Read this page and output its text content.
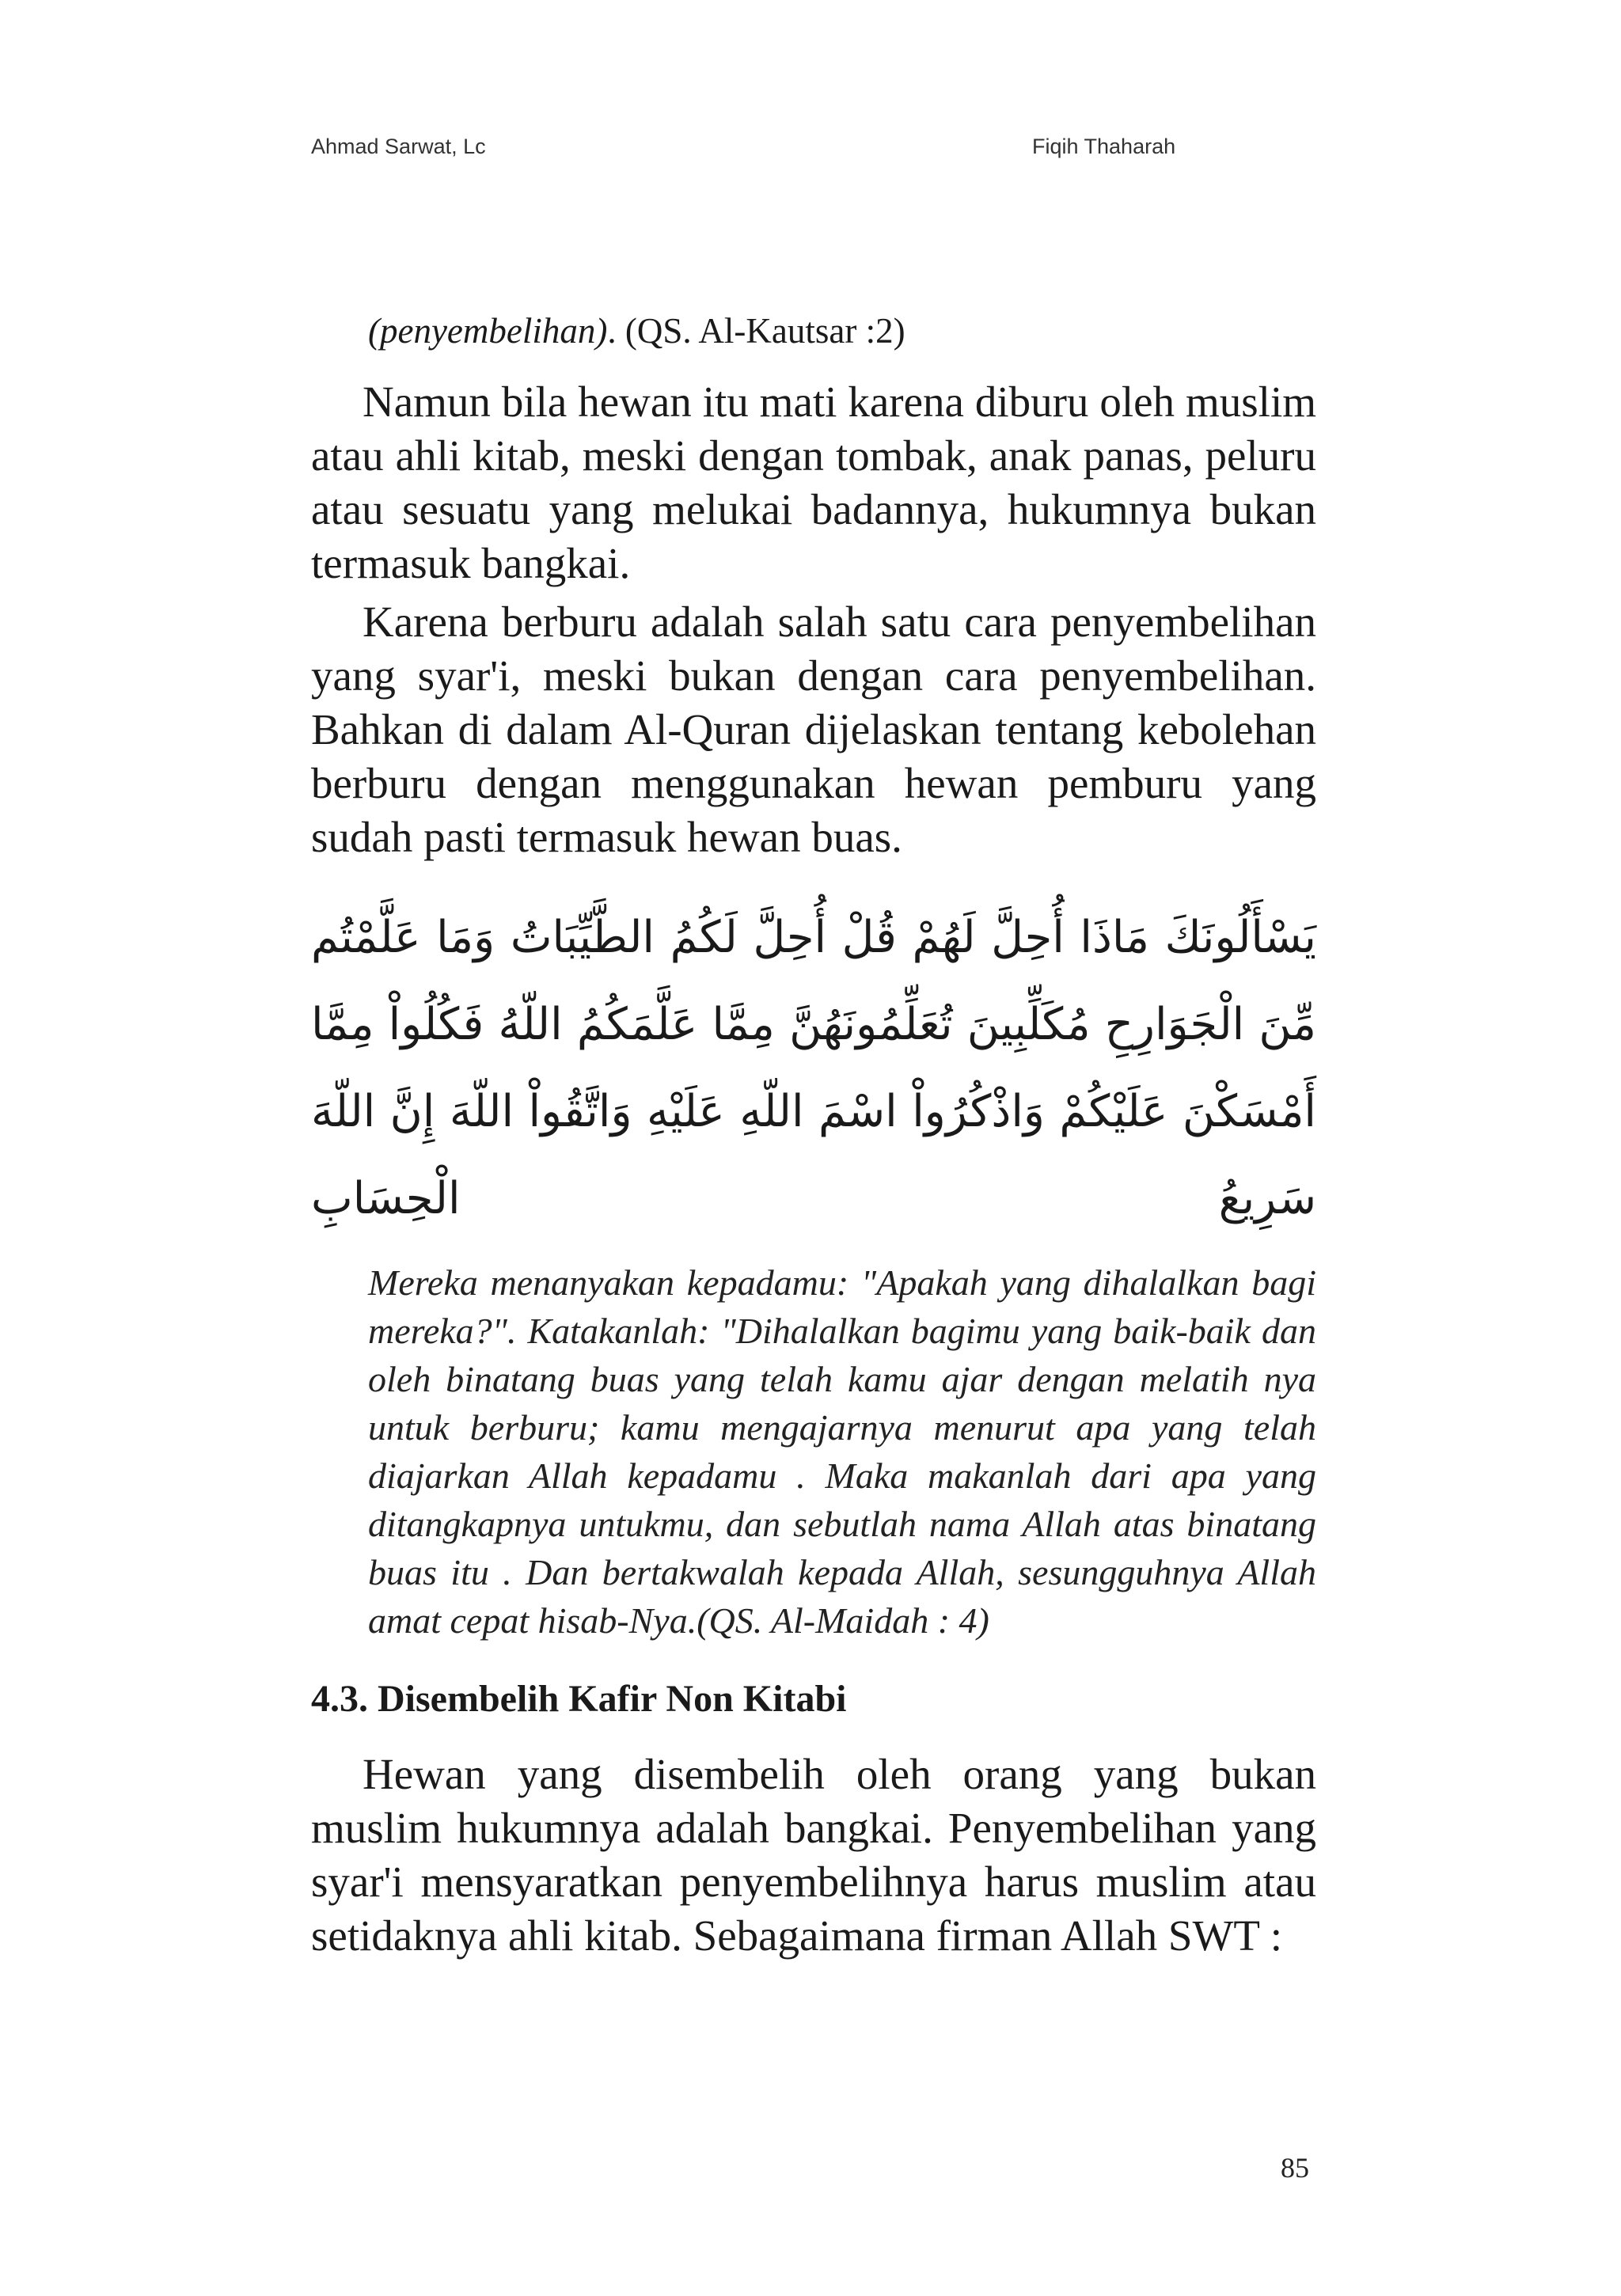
Ahmad Sarwat, Lc	Fiqih Thaharah

(penyembelihan). (QS. Al-Kautsar :2)

Namun bila hewan itu mati karena diburu oleh muslim atau ahli kitab, meski dengan tombak, anak panas, peluru atau sesuatu yang melukai badannya, hukumnya bukan termasuk bangkai.

Karena berburu adalah salah satu cara penyembelihan yang syar'i, meski bukan dengan cara penyembelihan. Bahkan di dalam Al-Quran dijelaskan tentang kebolehan berburu dengan menggunakan hewan pemburu yang sudah pasti termasuk hewan buas.

يَسْأَلُونَكَ مَاذَا أُحِلَّ لَهُمْ قُلْ أُحِلَّ لَكُمُ الطَّيِّبَاتُ وَمَا عَلَّمْتُم مِّنَ الْجَوَارِحِ مُكَلِّبِينَ تُعَلِّمُونَهُنَّ مِمَّا عَلَّمَكُمُ اللّهُ فَكُلُواْ مِمَّا أَمْسَكْنَ عَلَيْكُمْ وَاذْكُرُواْ اسْمَ اللّهِ عَلَيْهِ وَاتَّقُواْ اللّهَ إِنَّ اللّهَ سَرِيعُ الْحِسَابِ

Mereka menanyakan kepadamu: "Apakah yang dihalalkan bagi mereka?". Katakanlah: "Dihalalkan bagimu yang baik-baik dan oleh binatang buas yang telah kamu ajar dengan melatih nya untuk berburu; kamu mengajarnya menurut apa yang telah diajarkan Allah kepadamu . Maka makanlah dari apa yang ditangkapnya untukmu, dan sebutlah nama Allah atas binatang buas itu . Dan bertakwalah kepada Allah, sesungguhnya Allah amat cepat hisab-Nya.(QS. Al-Maidah : 4)

4.3. Disembelih Kafir Non Kitabi

Hewan yang disembelih oleh orang yang bukan muslim hukumnya adalah bangkai. Penyembelihan yang syar'i mensyaratkan penyembelihnya harus muslim atau setidaknya ahli kitab. Sebagaimana firman Allah SWT :

85
